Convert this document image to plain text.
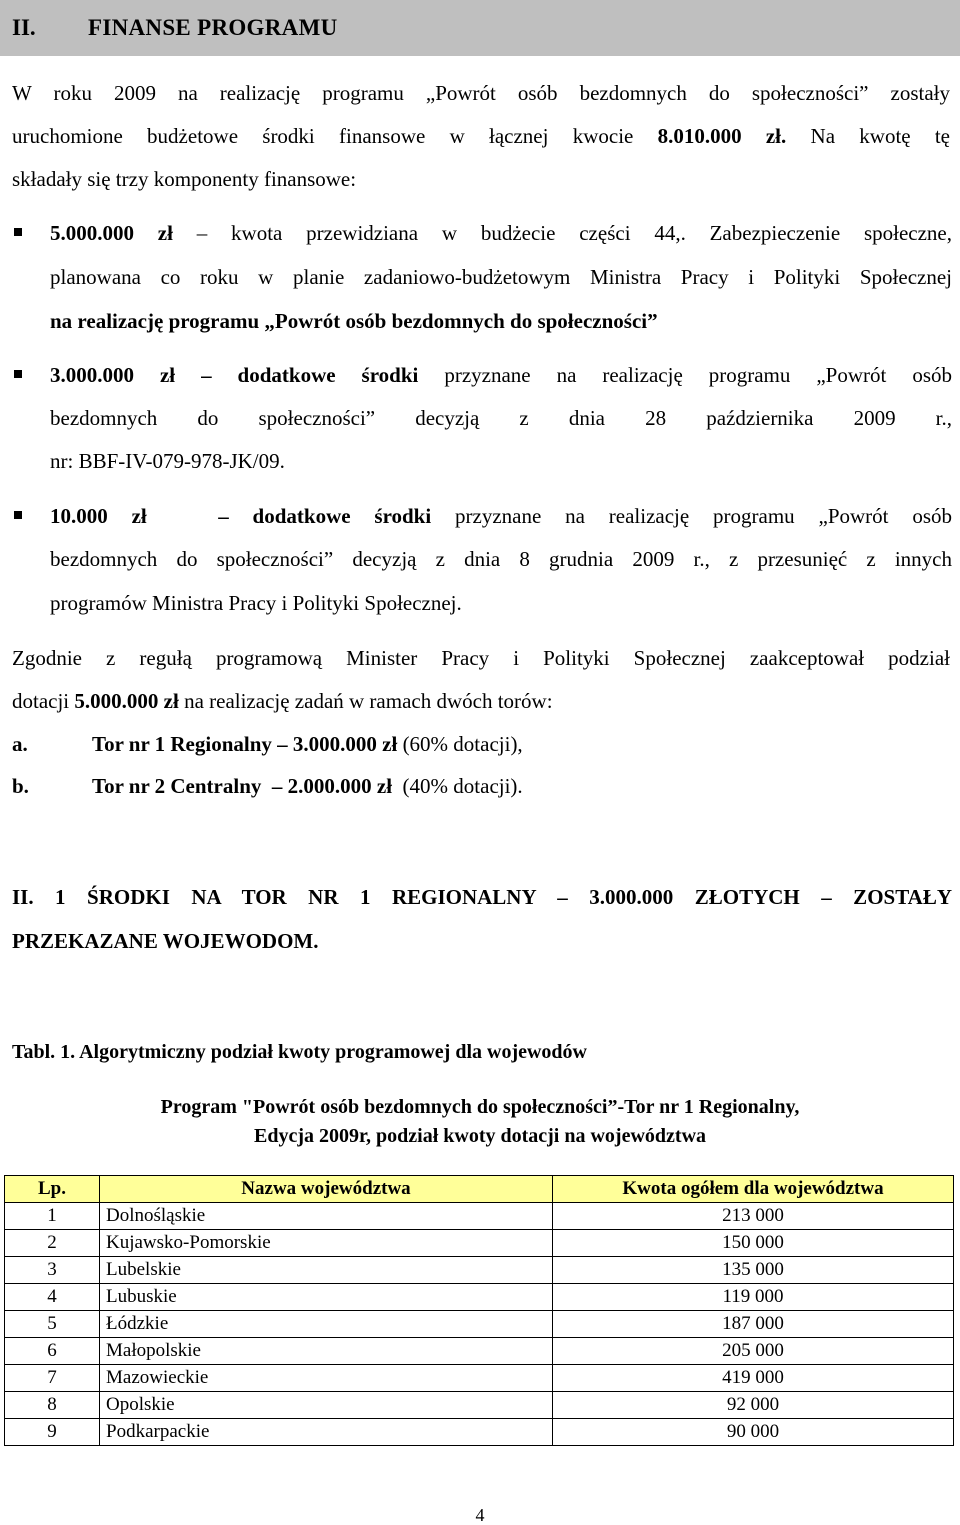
II. FINANSE PROGRAMU
W roku 2009 na realizację programu „Powrót osób bezdomnych do społeczności” zostały
uruchomione budżetowe środki finansowe w łącznej kwocie 8.010.000 zł. Na kwotę tę
składały się trzy komponenty finansowe:
5.000.000 zł – kwota przewidziana w budżecie części 44,. Zabezpieczenie społeczne,
planowana co roku w planie zadaniowo-budżetowym Ministra Pracy i Polityki Społecznej
na realizację programu „Powrót osób bezdomnych do społeczności”
3.000.000 zł – dodatkowe środki przyznane na realizację programu „Powrót osób
bezdomnych do społeczności” decyzją z dnia 28 października 2009 r.,
nr: BBF-IV-079-978-JK/09.
10.000 zł   – dodatkowe środki przyznane na realizację programu „Powrót osób
bezdomnych do społeczności” decyzją z dnia 8 grudnia 2009 r., z przesunięć z innych
programów Ministra Pracy i Polityki Społecznej.
Zgodnie z regułą programową Minister Pracy i Polityki Społecznej zaakceptował podział
dotacji 5.000.000 zł na realizację zadań w ramach dwóch torów:
a.	Tor nr 1 Regionalny – 3.000.000 zł (60% dotacji),
b.	Tor nr 2 Centralny  – 2.000.000 zł  (40% dotacji).
II. 1 ŚRODKI NA TOR NR 1 REGIONALNY – 3.000.000 ZŁOTYCH – ZOSTAŁY
PRZEKAZANE WOJEWODOM.
Tabl. 1. Algorytmiczny podział kwoty programowej dla wojewodów
Program "Powrót osób bezdomnych do społeczności”-Tor nr 1 Regionalny,
Edycja 2009r, podział kwoty dotacji na województwa
Lp.	Nazwa województwa	Kwota ogółem dla województwa
1	Dolnośląskie	213 000
2	Kujawsko-Pomorskie	150 000
3	Lubelskie	135 000
4	Lubuskie	119 000
5	Łódzkie	187 000
6	Małopolskie	205 000
7	Mazowieckie	419 000
8	Opolskie	92 000
9	Podkarpackie	90 000
4
